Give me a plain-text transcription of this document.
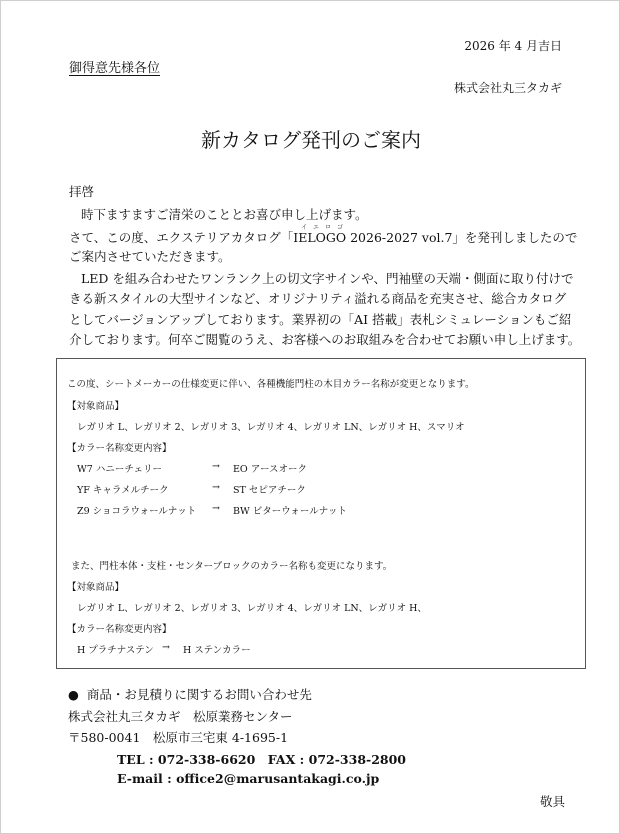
2026 年 4 月吉日
御得意先様各位
株式会社丸三タカギ
新カタログ発刊のご案内
拝啓
時下ますますご清栄のこととお喜び申し上げます。
さて、この度、エクステリアカタログ「
イエロゴ
IELOGO 2026-2027 vol.7」を発刊しましたので
ご案内させていただきます。
LED を組み合わせたワンランク上の切文字サインや、門袖壁の天端・側面に取り付けで
きる新スタイルの大型サインなど、オリジナリティ溢れる商品を充実させ、総合カタログ
としてバージョンアップしております。業界初の「AI 搭載」表札シミュレーションもご紹
介しております。何卒ご閲覧のうえ、お客様へのお取組みを合わせてお願い申し上げます。
この度、シートメーカーの仕様変更に伴い、各種機能門柱の木目カラー名称が変更となります。
【対象商品】
レガリオ L、レガリオ 2、レガリオ 3、レガリオ 4、レガリオ LN、レガリオ H、スマリオ
【カラー名称変更内容】
W7 ハニーチェリー	→ EO アースオーク
YF キャラメルチーク	→ ST セピアチーク
Z9 ショコラウォールナット → BW ビターウォールナット
また、門柱本体・支柱・センターブロックのカラー名称も変更になります。
【対象商品】
レガリオ L、レガリオ 2、レガリオ 3、レガリオ 4、レガリオ LN、レガリオ H、
【カラー名称変更内容】
H プラチナステン → H ステンカラー
● 商品・お見積りに関するお問い合わせ先
株式会社丸三タカギ　松原業務センター
〒580-0041　松原市三宅東 4-1695-1
TEL : 072-338-6620　FAX : 072-338-2800
E-mail : office2@marusantakagi.co.jp
敬具
